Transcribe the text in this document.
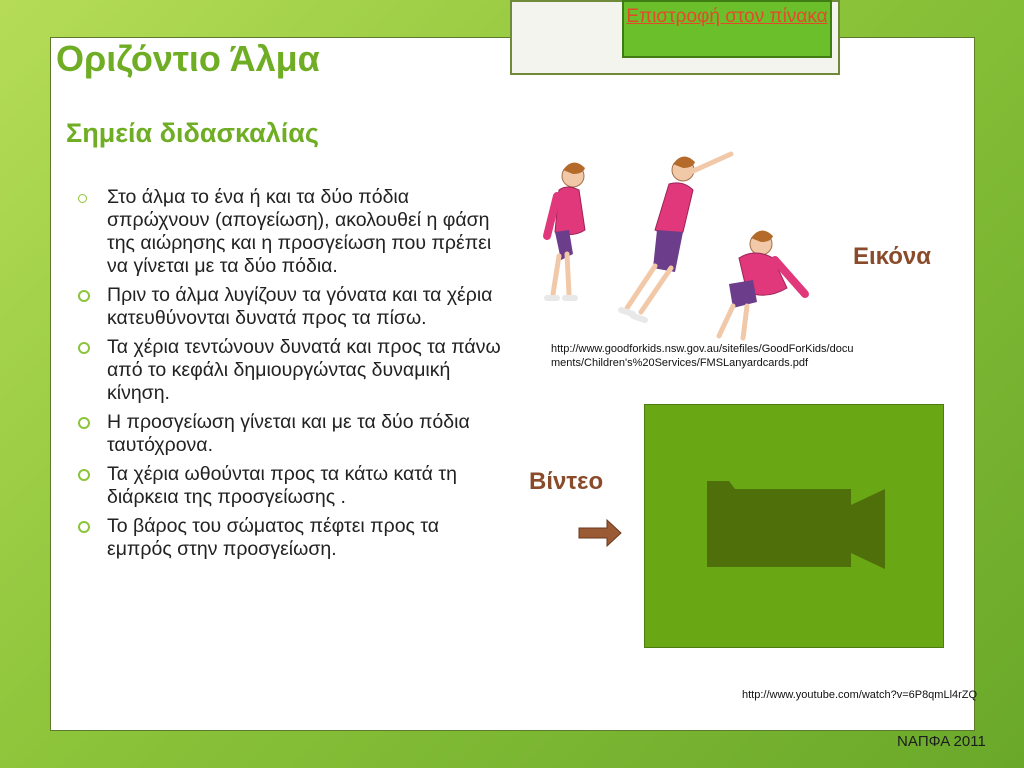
Επιστροφή στον πίνακα
Οριζόντιο Άλμα
Σημεία διδασκαλίας
Στο άλμα το ένα ή και τα δύο πόδια σπρώχνουν (απογείωση), ακολουθεί η φάση της αιώρησης και η προσγείωση που πρέπει να γίνεται με τα δύο πόδια.
Πριν το άλμα λυγίζουν τα γόνατα και τα χέρια κατευθύνονται δυνατά προς τα πίσω.
Τα χέρια τεντώνουν δυνατά και προς τα πάνω από το κεφάλι δημιουργώντας δυναμική κίνηση.
Η προσγείωση γίνεται και με τα δύο πόδια ταυτόχρονα.
Τα χέρια ωθούνται προς τα κάτω κατά τη διάρκεια της προσγείωσης .
Το βάρος του σώματος πέφτει προς τα εμπρός στην προσγείωση.
Εικόνα
http://www.goodforkids.nsw.gov.au/sitefiles/GoodForKids/documents/Children's%20Services/FMSLanyardcards.pdf
Βίντεο
http://www.youtube.com/watch?v=6P8qmLl4rZQ
ΝΑΠΦΑ 2011
